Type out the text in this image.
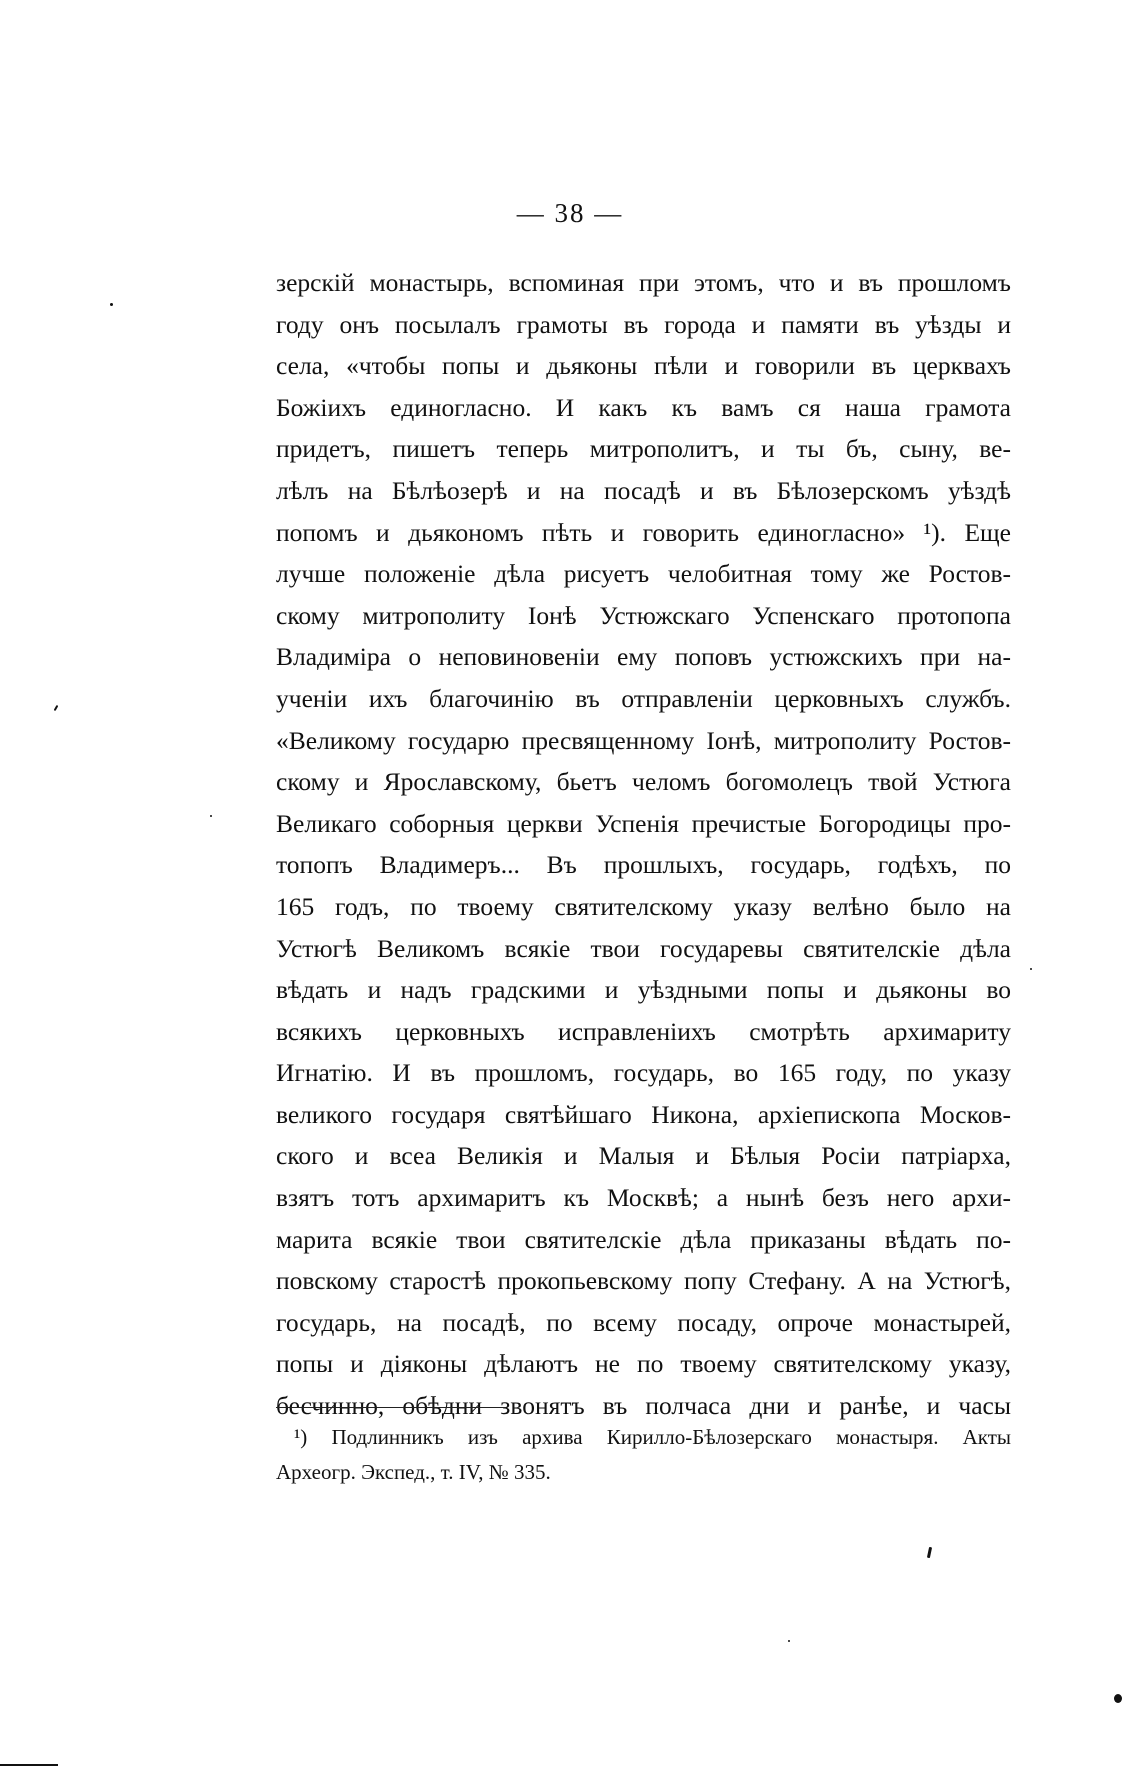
— 38 —
зерскій монастырь, вспоминая при этомъ, что и въ прошломъ
году онъ посылалъ грамоты въ города и памяти въ уѣзды и
села, «чтобы попы и дьяконы пѣли и говорили въ церквахъ
Божіихъ единогласно. И какъ къ вамъ ся наша грамота
придетъ, пишетъ теперь митрополитъ, и ты бъ, сыну, ве-
лѣлъ на Бѣлѣозерѣ и на посадѣ и въ Бѣлозерскомъ уѣздѣ
попомъ и дьякономъ пѣть и говорить единогласно» ¹). Еще
лучше положеніе дѣла рисуетъ челобитная тому же Ростов-
скому митрополиту Іонѣ Устюжскаго Успенскаго протопопа
Владиміра о неповиновеніи ему поповъ устюжскихъ при на-
ученіи ихъ благочинію въ отправленіи церковныхъ службъ.
«Великому государю пресвященному Іонѣ, митрополиту Ростов-
скому и Ярославскому, бьетъ челомъ богомолецъ твой Устюга
Великаго соборныя церкви Успенія пречистые Богородицы про-
топопъ Владимеръ... Въ прошлыхъ, государь, годѣхъ, по
165 годъ, по твоему святителскому указу велѣно было на
Устюгѣ Великомъ всякіе твои государевы святителскіе дѣла
вѣдать и надъ градскими и уѣздными попы и дьяконы во
всякихъ церковныхъ исправленіихъ смотрѣть архимариту
Игнатію. И въ прошломъ, государь, во 165 году, по указу
великого государя святѣйшаго Никона, архіепископа Москов-
ского и всеа Великія и Малыя и Бѣлыя Росіи патріарха,
взятъ тотъ архимаритъ къ Москвѣ; а нынѣ безъ него архи-
марита всякіе твои святителскіе дѣла приказаны вѣдать по-
повскому старостѣ прокопьевскому попу Стефану. А на Устюгѣ,
государь, на посадѣ, по всему посаду, опроче монастырей,
попы и діяконы дѣлаютъ не по твоему святителскому указу,
бесчинно, обѣдни звонятъ въ полчаса дни и ранѣе, и часы
¹) Подлинникъ изъ архива Кирилло-Бѣлозерскаго монастыря. Акты
Археогр. Экспед., т. IV, № 335.
